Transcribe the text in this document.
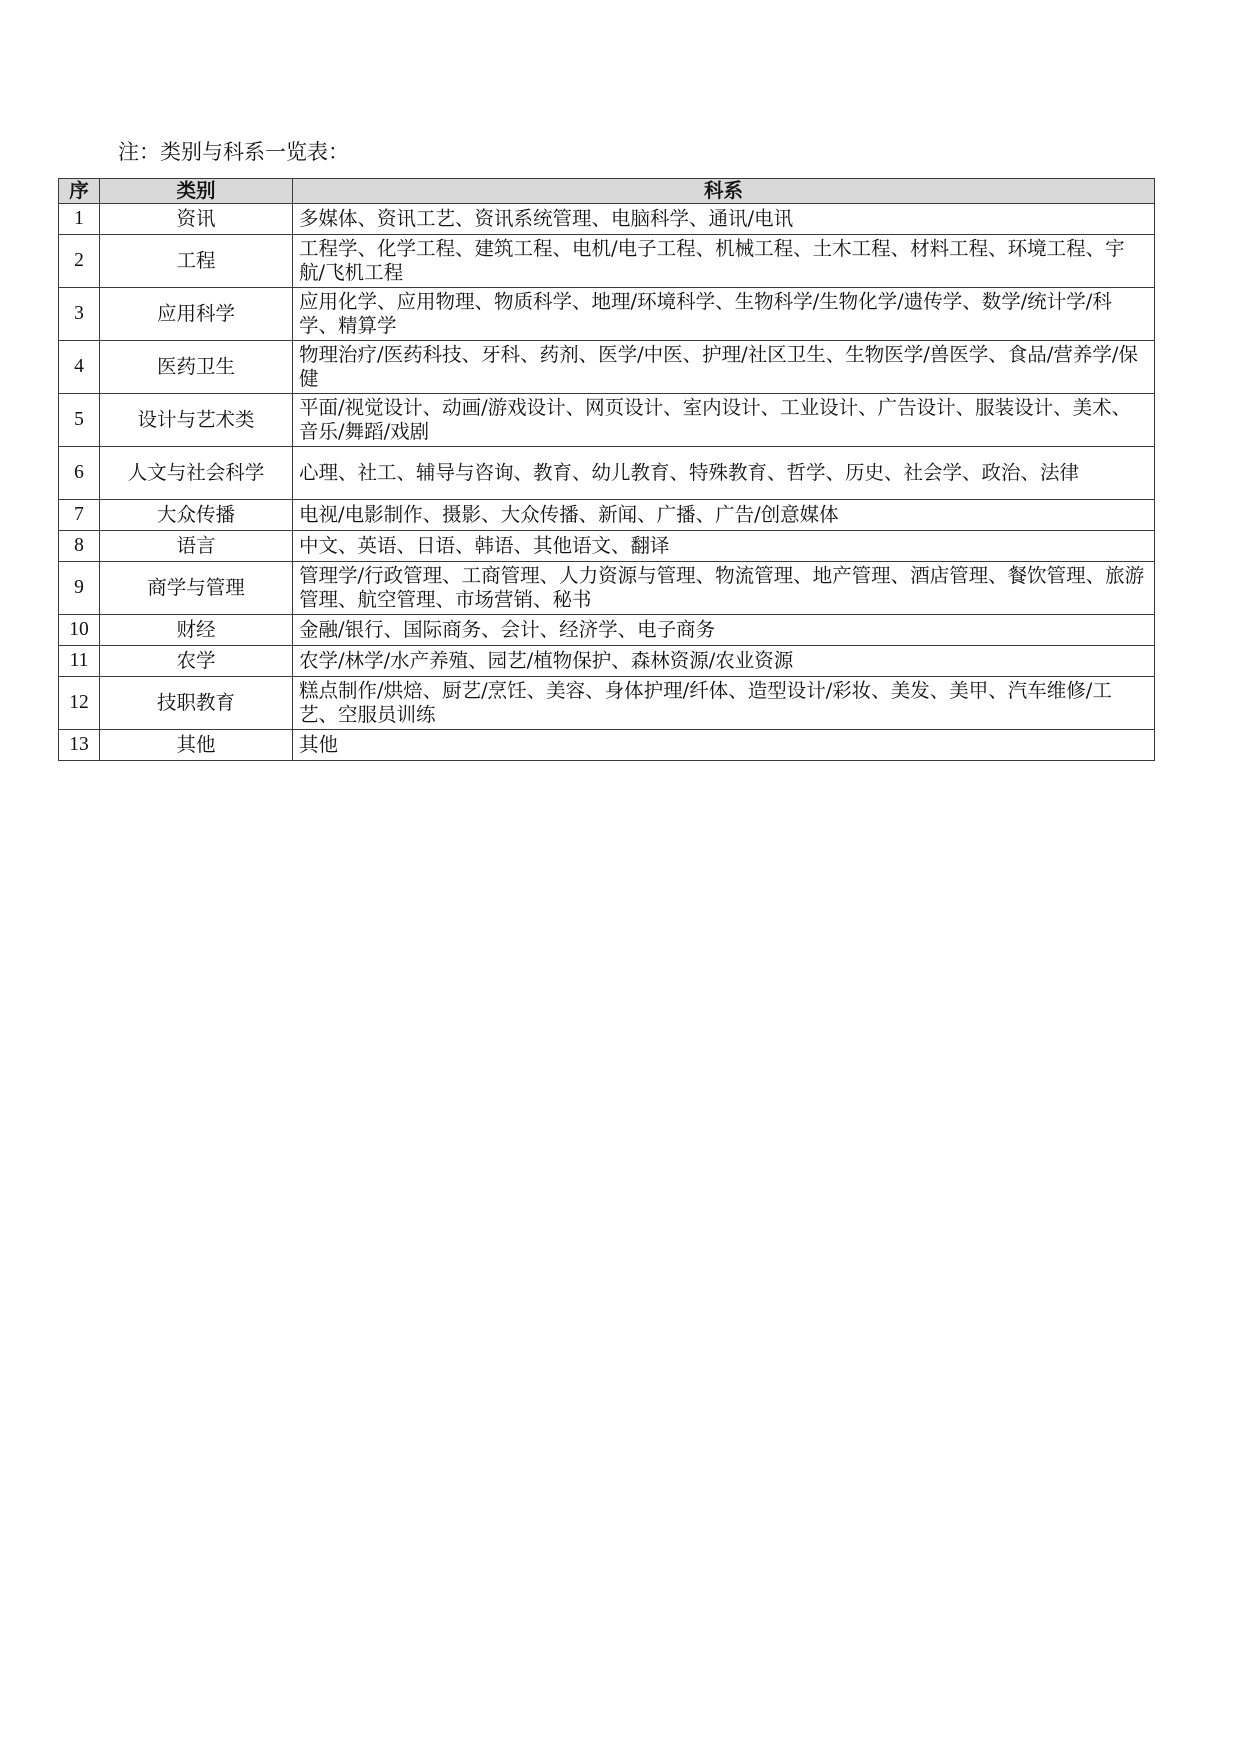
注：类别与科系一览表：
序	类别	科系
1	资讯	多媒体、资讯工艺、资讯系统管理、电脑科学、通讯/电讯
2	工程	工程学、化学工程、建筑工程、电机/电子工程、机械工程、土木工程、材料工程、环境工程、宇航/飞机工程
3	应用科学	应用化学、应用物理、物质科学、地理/环境科学、生物科学/生物化学/遗传学、数学/统计学/科学、精算学
4	医药卫生	物理治疗/医药科技、牙科、药剂、医学/中医、护理/社区卫生、生物医学/兽医学、食品/营养学/保健
5	设计与艺术类	平面/视觉设计、动画/游戏设计、网页设计、室内设计、工业设计、广告设计、服装设计、美术、音乐/舞蹈/戏剧
6	人文与社会科学	心理、社工、辅导与咨询、教育、幼儿教育、特殊教育、哲学、历史、社会学、政治、法律
7	大众传播	电视/电影制作、摄影、大众传播、新闻、广播、广告/创意媒体
8	语言	中文、英语、日语、韩语、其他语文、翻译
9	商学与管理	管理学/行政管理、工商管理、人力资源与管理、物流管理、地产管理、酒店管理、餐饮管理、旅游管理、航空管理、市场营销、秘书
10	财经	金融/银行、国际商务、会计、经济学、电子商务
11	农学	农学/林学/水产养殖、园艺/植物保护、森林资源/农业资源
12	技职教育	糕点制作/烘焙、厨艺/烹饪、美容、身体护理/纤体、造型设计/彩妆、美发、美甲、汽车维修/工艺、空服员训练
13	其他	其他
